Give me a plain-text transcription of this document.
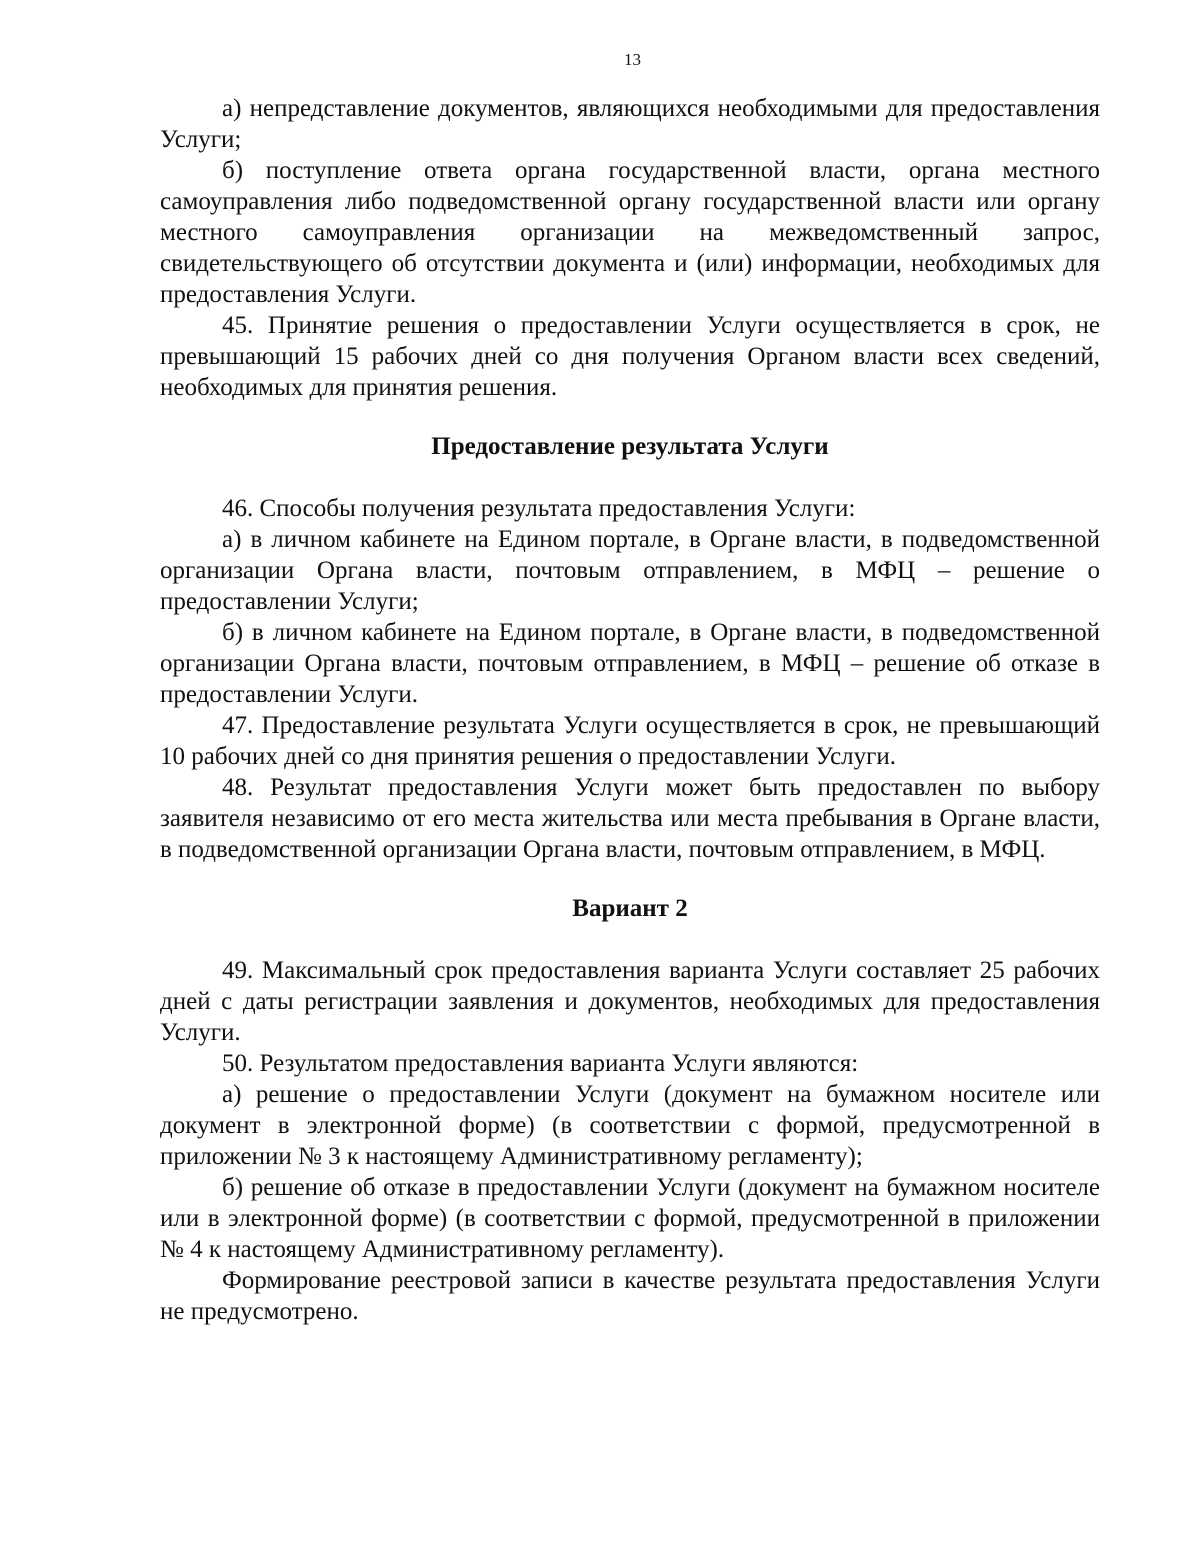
13

а) непредставление документов, являющихся необходимыми для предоставления Услуги;

б) поступление ответа органа государственной власти, органа местного самоуправления либо подведомственной органу государственной власти или органу местного самоуправления организации на межведомственный запрос, свидетельствующего об отсутствии документа и (или) информации, необходимых для предоставления Услуги.

45. Принятие решения о предоставлении Услуги осуществляется в срок, не превышающий 15 рабочих дней со дня получения Органом власти всех сведений, необходимых для принятия решения.

Предоставление результата Услуги

46. Способы получения результата предоставления Услуги:

а) в личном кабинете на Едином портале, в Органе власти, в подведомственной организации Органа власти, почтовым отправлением, в МФЦ – решение о предоставлении Услуги;

б) в личном кабинете на Едином портале, в Органе власти, в подведомственной организации Органа власти, почтовым отправлением, в МФЦ – решение об отказе в предоставлении Услуги.

47. Предоставление результата Услуги осуществляется в срок, не превышающий 10 рабочих дней со дня принятия решения о предоставлении Услуги.

48. Результат предоставления Услуги может быть предоставлен по выбору заявителя независимо от его места жительства или места пребывания в Органе власти, в подведомственной организации Органа власти, почтовым отправлением, в МФЦ.

Вариант 2

49. Максимальный срок предоставления варианта Услуги составляет 25 рабочих дней с даты регистрации заявления и документов, необходимых для предоставления Услуги.

50. Результатом предоставления варианта Услуги являются:

а) решение о предоставлении Услуги (документ на бумажном носителе или документ в электронной форме) (в соответствии с формой, предусмотренной в приложении № 3 к настоящему Административному регламенту);

б) решение об отказе в предоставлении Услуги (документ на бумажном носителе или в электронной форме) (в соответствии с формой, предусмотренной в приложении № 4 к настоящему Административному регламенту).

Формирование реестровой записи в качестве результата предоставления Услуги не предусмотрено.
